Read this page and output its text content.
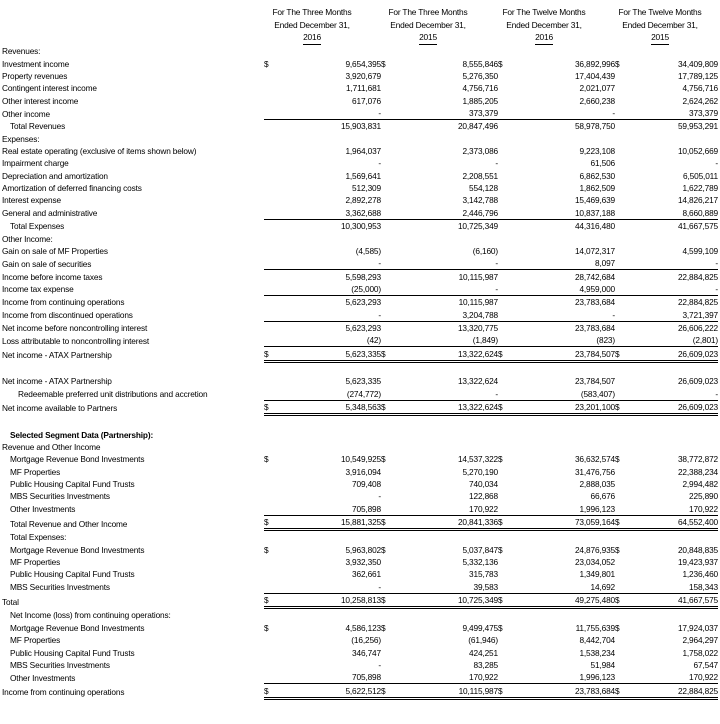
For The Three Months
Ended December 31,
2016
For The Three Months
Ended December 31,
2015
For The Twelve Months
Ended December 31,
2016
For The Twelve Months
Ended December 31,
2015
Revenues:								
Investment income	$	9,654,395	$	8,555,846	$	36,892,996	$	34,409,809
Property revenues		3,920,679		5,276,350		17,404,439		17,789,125
Contingent interest income		1,711,681		4,756,716		2,021,077		4,756,716
Other interest income		617,076		1,885,205		2,660,238		2,624,262
Other income		-		373,379		-		373,379
Total Revenues		15,903,831		20,847,496		58,978,750		59,953,291
Expenses:								
Real estate operating (exclusive of items shown below)		1,964,037		2,373,086		9,223,108		10,052,669
Impairment charge		-		-		61,506		-
Depreciation and amortization		1,569,641		2,208,551		6,862,530		6,505,011
Amortization of deferred financing costs		512,309		554,128		1,862,509		1,622,789
Interest expense		2,892,278		3,142,788		15,469,639		14,826,217
General and administrative		3,362,688		2,446,796		10,837,188		8,660,889
Total Expenses		10,300,953		10,725,349		44,316,480		41,667,575
Other Income:								
Gain on sale of MF Properties		(4,585)		(6,160)		14,072,317		4,599,109
Gain on sale of securities		-		-		8,097		-
Income before income taxes		5,598,293		10,115,987		28,742,684		22,884,825
Income tax expense		(25,000)		-		4,959,000		-
Income from continuing operations		5,623,293		10,115,987		23,783,684		22,884,825
Income from discontinued operations		-		3,204,788		-		3,721,397
Net income before noncontrolling interest		5,623,293		13,320,775		23,783,684		26,606,222
Loss attributable to noncontrolling interest		(42)		(1,849)		(823)		(2,801)
Net income - ATAX Partnership	$	5,623,335	$	13,322,624	$	23,784,507	$	26,609,023

Net income - ATAX Partnership		5,623,335		13,322,624		23,784,507		26,609,023
Redeemable preferred unit distributions and accretion		(274,772)		-		(583,407)		-
Net income available to Partners	$	5,348,563	$	13,322,624	$	23,201,100	$	26,609,023

Selected Segment Data (Partnership):								
Revenue and Other Income								
Mortgage Revenue Bond Investments	$	10,549,925	$	14,537,322	$	36,632,574	$	38,772,872
MF Properties		3,916,094		5,270,190		31,476,756		22,388,234
Public Housing Capital Fund Trusts		709,408		740,034		2,888,035		2,994,482
MBS Securities Investments		-		122,868		66,676		225,890
Other Investments		705,898		170,922		1,996,123		170,922
Total Revenue and Other Income	$	15,881,325	$	20,841,336	$	73,059,164	$	64,552,400
Total Expenses:								
Mortgage Revenue Bond Investments	$	5,963,802	$	5,037,847	$	24,876,935	$	20,848,835
MF Properties		3,932,350		5,332,136		23,034,052		19,423,937
Public Housing Capital Fund Trusts		362,661		315,783		1,349,801		1,236,460
MBS Securities Investments		-		39,583		14,692		158,343
Total	$	10,258,813	$	10,725,349	$	49,275,480	$	41,667,575
Net Income (loss) from continuing operations:								
Mortgage Revenue Bond Investments	$	4,586,123	$	9,499,475	$	11,755,639	$	17,924,037
MF Properties		(16,256)		(61,946)		8,442,704		2,964,297
Public Housing Capital Fund Trusts		346,747		424,251		1,538,234		1,758,022
MBS Securities Investments		-		83,285		51,984		67,547
Other Investments		705,898		170,922		1,996,123		170,922
Income from continuing operations	$	5,622,512	$	10,115,987	$	23,783,684	$	22,884,825
